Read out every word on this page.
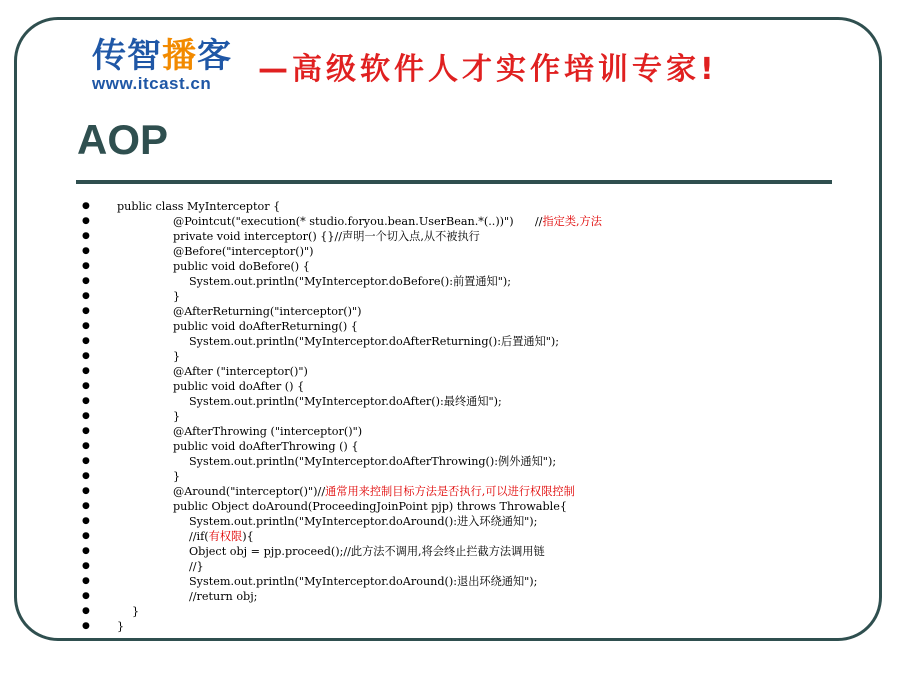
传智播客
www.itcast.cn	—高级软件人才实作培训专家!
AOP
● public class MyInterceptor {
●	@Pointcut("execution(* studio.foryou.bean.UserBean.*(..))")      //指定类,方法
●	private void interceptor() {}//声明一个切入点,从不被执行
●	@Before("interceptor()")
●	public void doBefore() {
●	System.out.println("MyInterceptor.doBefore():前置通知");
●	}
●	@AfterReturning("interceptor()")
●	public void doAfterReturning() {
●	System.out.println("MyInterceptor.doAfterReturning():后置通知");
●	}
●	@After ("interceptor()")
●	public void doAfter () {
●	System.out.println("MyInterceptor.doAfter():最终通知");
●	}
●	@AfterThrowing ("interceptor()")
●	public void doAfterThrowing () {
●	System.out.println("MyInterceptor.doAfterThrowing():例外通知");
●	}
●	@Around("interceptor()")//通常用来控制目标方法是否执行,可以进行权限控制
●	public Object doAround(ProceedingJoinPoint pjp) throws Throwable{
●	System.out.println("MyInterceptor.doAround():进入环绕通知");
●	//if(有权限){
●	Object obj = pjp.proceed();//此方法不调用,将会终止拦截方法调用链
●	//}
●	System.out.println("MyInterceptor.doAround():退出环绕通知");
●	//return obj;
●	}
● }
